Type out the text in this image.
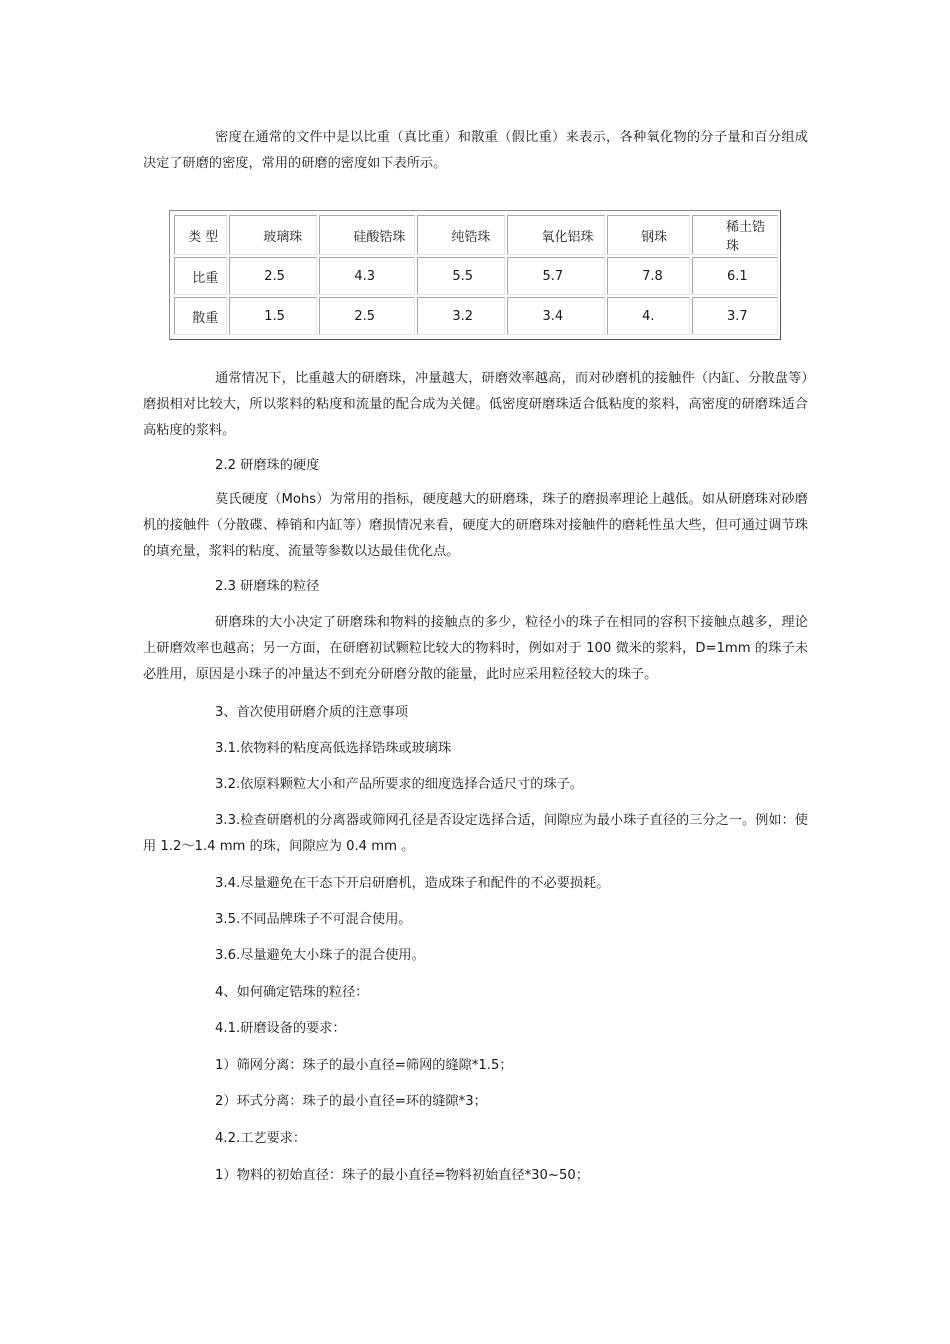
密度在通常的文件中是以比重（真比重）和散重（假比重）来表示，各种氧化物的分子量和百分组成决定了研磨的密度，常用的研磨的密度如下表所示。

类 型	玻璃珠	硅酸锆珠	纯锆珠	氧化铝珠	钢珠	稀土锆珠
比重	2.5	4.3	5.5	5.7	7.8	6.1
散重	1.5	2.5	3.2	3.4	4.	3.7

通常情况下，比重越大的研磨珠，冲量越大，研磨效率越高，而对砂磨机的接触件（内缸、分散盘等）磨损相对比较大，所以浆料的粘度和流量的配合成为关健。低密度研磨珠适合低粘度的浆料，高密度的研磨珠适合高粘度的浆料。

2.2 研磨珠的硬度

莫氏硬度（Mohs）为常用的指标，硬度越大的研磨珠，珠子的磨损率理论上越低。如从研磨珠对砂磨机的接触件（分散碟、棒销和内缸等）磨损情况来看，硬度大的研磨珠对接触件的磨耗性虽大些，但可通过调节珠的填充量，浆料的粘度、流量等参数以达最佳优化点。

2.3 研磨珠的粒径

研磨珠的大小决定了研磨珠和物料的接触点的多少，粒径小的珠子在相同的容积下接触点越多，理论上研磨效率也越高；另一方面，在研磨初试颗粒比较大的物料时，例如对于 100 微米的浆料，D=1mm 的珠子未必胜用，原因是小珠子的冲量达不到充分研磨分散的能量，此时应采用粒径较大的珠子。

3、首次使用研磨介质的注意事项

3.1.依物料的粘度高低选择锆珠或玻璃珠

3.2.依原料颗粒大小和产品所要求的细度选择合适尺寸的珠子。

3.3.检查研磨机的分离器或筛网孔径是否设定选择合适，间隙应为最小珠子直径的三分之一。例如：使用 1.2～1.4 mm 的珠，间隙应为 0.4 mm 。

3.4.尽量避免在干态下开启研磨机，造成珠子和配件的不必要损耗。

3.5.不同品牌珠子不可混合使用。

3.6.尽量避免大小珠子的混合使用。

4、如何确定锆珠的粒径：

4.1.研磨设备的要求：

1）筛网分离：珠子的最小直径=筛网的缝隙*1.5；

2）环式分离：珠子的最小直径=环的缝隙*3；

4.2.工艺要求：

1）物料的初始直径：珠子的最小直径=物料初始直径*30~50；
